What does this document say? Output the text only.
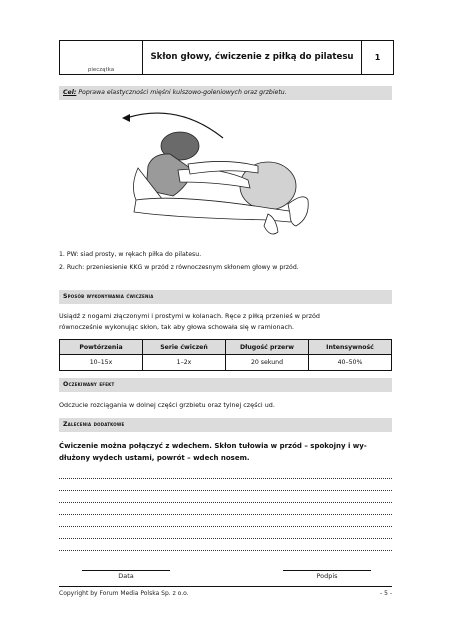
pieczątka
Skłon głowy, ćwiczenie z piłką do pilatesu	1
Cel: Poprawa elastyczności mięśni kulszowo-goleniowych oraz grzbietu.
1. PW: siad prosty, w rękach piłka do pilatesu.
2. Ruch: przeniesienie KKG w przód z równoczesnym skłonem głowy w przód.
Sposób wykonywania ćwiczenia
Usiądź z nogami złączonymi i prostymi w kolanach. Ręce z piłką przenieś w przód
równocześnie wykonując skłon, tak aby głowa schowała się w ramionach.
Powtórzenia	Serie ćwiczeń	Długość przerw	Intensywność
10–15x	1–2x	20 sekund	40–50%
Oczekiwany efekt
Odczucie rozciągania w dolnej części grzbietu oraz tylnej części ud.
Zalecenia dodatkowe
Ćwiczenie można połączyć z wdechem. Skłon tułowia w przód – spokojny i wy-
dłużony wydech ustami, powrót – wdech nosem.
Data	Podpis
Copyright by Forum Media Polska Sp. z o.o.	- 5 -
